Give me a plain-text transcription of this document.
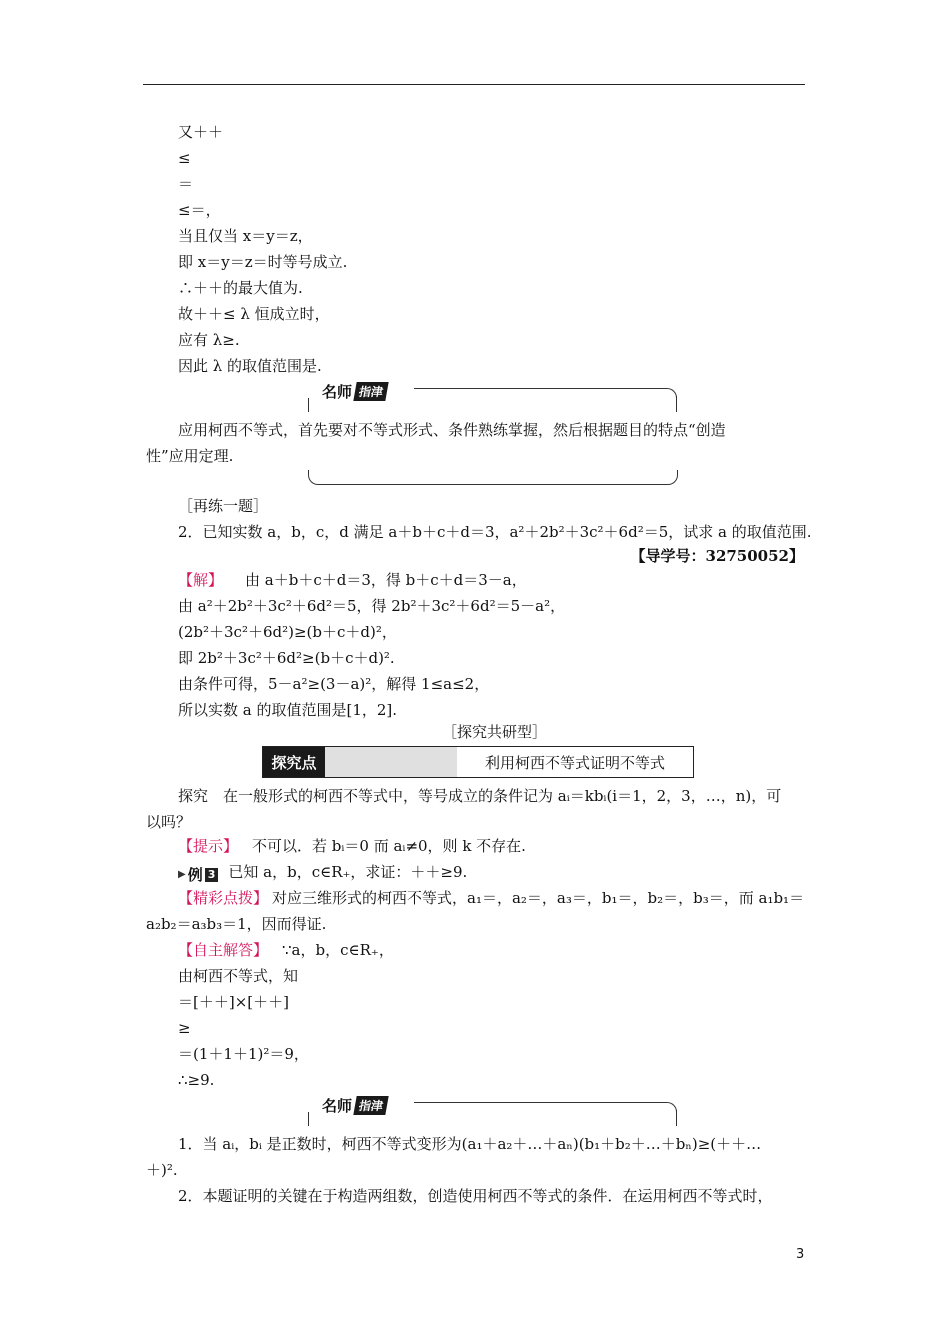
又＋＋
≤
＝
≤＝，
当且仅当 x＝y＝z，
即 x＝y＝z＝时等号成立.
∴＋＋的最大值为.
故＋＋≤ λ 恒成立时，
应有 λ≥.
因此 λ 的取值范围是.
名师 指津
应用柯西不等式，首先要对不等式形式、条件熟练掌握，然后根据题目的特点“创造
性”应用定理.
［再练一题］
2．已知实数 a，b，c，d 满足 a＋b＋c＋d＝3，a²＋2b²＋3c²＋6d²＝5，试求 a 的取值范围.
【导学号：32750052】
【解】 由 a＋b＋c＋d＝3，得 b＋c＋d＝3－a，
由 a²＋2b²＋3c²＋6d²＝5，得 2b²＋3c²＋6d²＝5－a²，
(2b²＋3c²＋6d²)≥(b＋c＋d)²，
即 2b²＋3c²＋6d²≥(b＋c＋d)².
由条件可得，5－a²≥(3－a)²，解得 1≤a≤2，
所以实数 a 的取值范围是[1，2].
［探究共研型］
探究点	利用柯西不等式证明不等式
探究　在一般形式的柯西不等式中，等号成立的条件记为 aᵢ＝kbᵢ(i＝1，2，3，…，n)，可
以吗？
【提示】 不可以．若 bᵢ＝0 而 aᵢ≠0，则 k 不存在.
▶ 例 3 已知 a，b，c∈R₊，求证：＋＋≥9.
【精彩点拨】 对应三维形式的柯西不等式，a₁＝，a₂＝，a₃＝，b₁＝，b₂＝，b₃＝，而 a₁b₁＝
a₂b₂＝a₃b₃＝1，因而得证.
【自主解答】 ∵a，b，c∈R₊，
由柯西不等式，知
＝[＋＋]×[＋＋]
≥
＝(1＋1＋1)²＝9，
∴≥9.
名师 指津
1．当 aᵢ，bᵢ 是正数时，柯西不等式变形为(a₁＋a₂＋…＋aₙ)(b₁＋b₂＋…＋bₙ)≥(＋＋…
＋)².
2．本题证明的关键在于构造两组数，创造使用柯西不等式的条件．在运用柯西不等式时，
3
